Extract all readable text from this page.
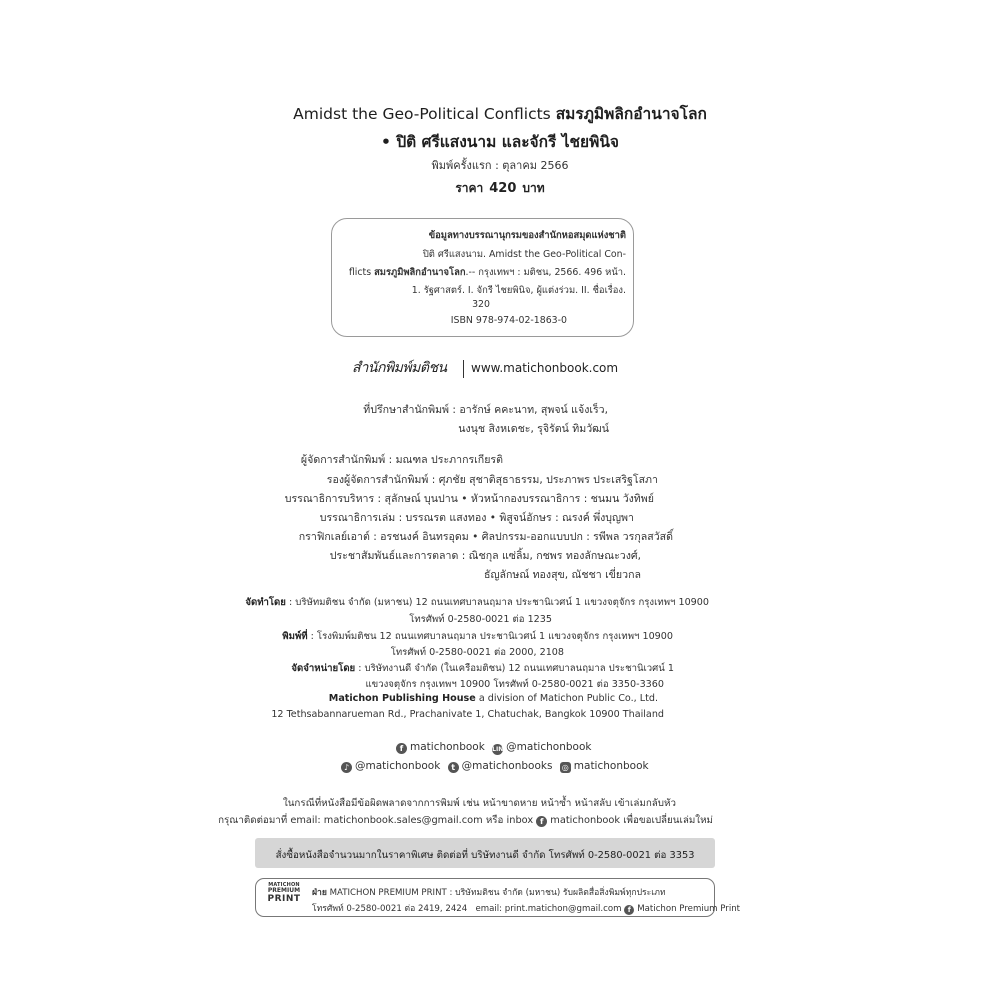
Amidst the Geo-Political Conflicts สมรภูมิพลิกอำนาจโลก
• ปิติ ศรีแสงนาม และจักรี ไชยพินิจ
พิมพ์ครั้งแรก : ตุลาคม 2566
ราคา 420 บาท
ข้อมูลทางบรรณานุกรมของสำนักหอสมุดแห่งชาติ
ปิติ ศรีแสงนาม. Amidst the Geo-Political Con-
flicts สมรภูมิพลิกอำนาจโลก.-- กรุงเทพฯ : มติชน, 2566. 496 หน้า.
1. รัฐศาสตร์. I. จักรี ไชยพินิจ, ผู้แต่งร่วม. II. ชื่อเรื่อง.
320
ISBN 978-974-02-1863-0
สำนักพิมพ์มติชน www.matichonbook.com
ที่ปรึกษาสำนักพิมพ์ : อารักษ์ คคะนาท, สุพจน์ แจ้งเร็ว,
นงนุช สิงหเดชะ, รุจิรัตน์ ทิมวัฒน์
ผู้จัดการสำนักพิมพ์ : มณฑล ประภากรเกียรติ
รองผู้จัดการสำนักพิมพ์ : ศุภชัย สุชาติสุธาธรรม, ประภาพร ประเสริฐโสภา
บรรณาธิการบริหาร : สุลักษณ์ บุนปาน • หัวหน้ากองบรรณาธิการ : ชนมน วังทิพย์
บรรณาธิการเล่ม : บรรณรต แสงทอง • พิสูจน์อักษร : ณรงค์ พึ่งบุญพา
กราฟิกเลย์เอาต์ : อรชนงค์ อินทรอุดม • ศิลปกรรม-ออกแบบปก : รพีพล วรกุลสวัสดิ์
ประชาสัมพันธ์และการตลาด : ณิชกุล แซ่ลิ้ม, กชพร ทองลักษณะวงศ์,
ธัญลักษณ์ ทองสุข, ณัชชา เขี่ยวกล
จัดทำโดย : บริษัทมติชน จำกัด (มหาชน) 12 ถนนเทศบาลนฤมาล ประชานิเวศน์ 1 แขวงจตุจักร กรุงเทพฯ 10900
โทรศัพท์ 0-2580-0021 ต่อ 1235
พิมพ์ที่ : โรงพิมพ์มติชน 12 ถนนเทศบาลนฤมาล ประชานิเวศน์ 1 แขวงจตุจักร กรุงเทพฯ 10900
โทรศัพท์ 0-2580-0021 ต่อ 2000, 2108
จัดจำหน่ายโดย : บริษัทงานดี จำกัด (ในเครือมติชน) 12 ถนนเทศบาลนฤมาล ประชานิเวศน์ 1
แขวงจตุจักร กรุงเทพฯ 10900 โทรศัพท์ 0-2580-0021 ต่อ 3350-3360
Matichon Publishing House a division of Matichon Public Co., Ltd.
12 Tethsabannarueman Rd., Prachanivate 1, Chatuchak, Bangkok 10900 Thailand
f matichonbook LINE@matichonbook
♪ @matichonbook t @matichonbooks ◎ matichonbook
ในกรณีที่หนังสือมีข้อผิดพลาดจากการพิมพ์ เช่น หน้าขาดหาย หน้าซ้ำ หน้าสลับ เข้าเล่มกลับหัว
กรุณาติดต่อมาที่ email: matichonbook.sales@gmail.com หรือ inbox f matichonbook เพื่อขอเปลี่ยนเล่มใหม่
สั่งซื้อหนังสือจำนวนมากในราคาพิเศษ ติดต่อที่ บริษัทงานดี จำกัด โทรศัพท์ 0-2580-0021 ต่อ 3353
MATICHON
PREMIUM
PRINT
ฝ่าย MATICHON PREMIUM PRINT : บริษัทมติชน จำกัด (มหาชน) รับผลิตสื่อสิ่งพิมพ์ทุกประเภท
โทรศัพท์ 0-2580-0021 ต่อ 2419, 2424 email: print.matichon@gmail.com f Matichon Premium Print
